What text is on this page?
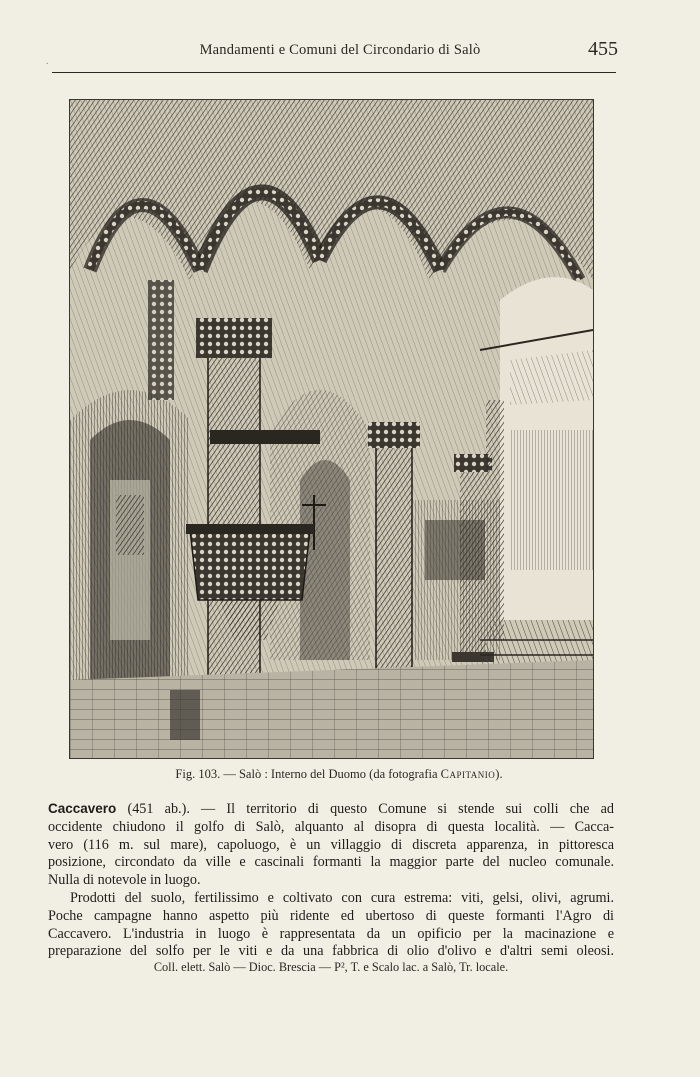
.
Mandamenti e Comuni del Circondario di Salò	455
Fig. 103. — Salò : Interno del Duomo (da fotografia Capitanio).
Caccavero (451 ab.). — Il territorio di questo Comune si stende sui colli che ad
occidente chiudono il golfo di Salò, alquanto al disopra di questa località. — Cacca-
vero (116 m. sul mare), capoluogo, è un villaggio di discreta apparenza, in pittoresca
posizione, circondato da ville e cascinali formanti la maggior parte del nucleo comunale.
Nulla di notevole in luogo.
Prodotti del suolo, fertilissimo e coltivato con cura estrema: viti, gelsi, olivi, agrumi.
Poche campagne hanno aspetto più ridente ed ubertoso di queste formanti l'Agro di
Caccavero. L'industria in luogo è rappresentata da un opificio per la macinazione e
preparazione del solfo per le viti e da una fabbrica di olio d'olivo e d'altri semi oleosi.
Coll. elett. Salò — Dioc. Brescia — P², T. e Scalo lac. a Salò, Tr. locale.
